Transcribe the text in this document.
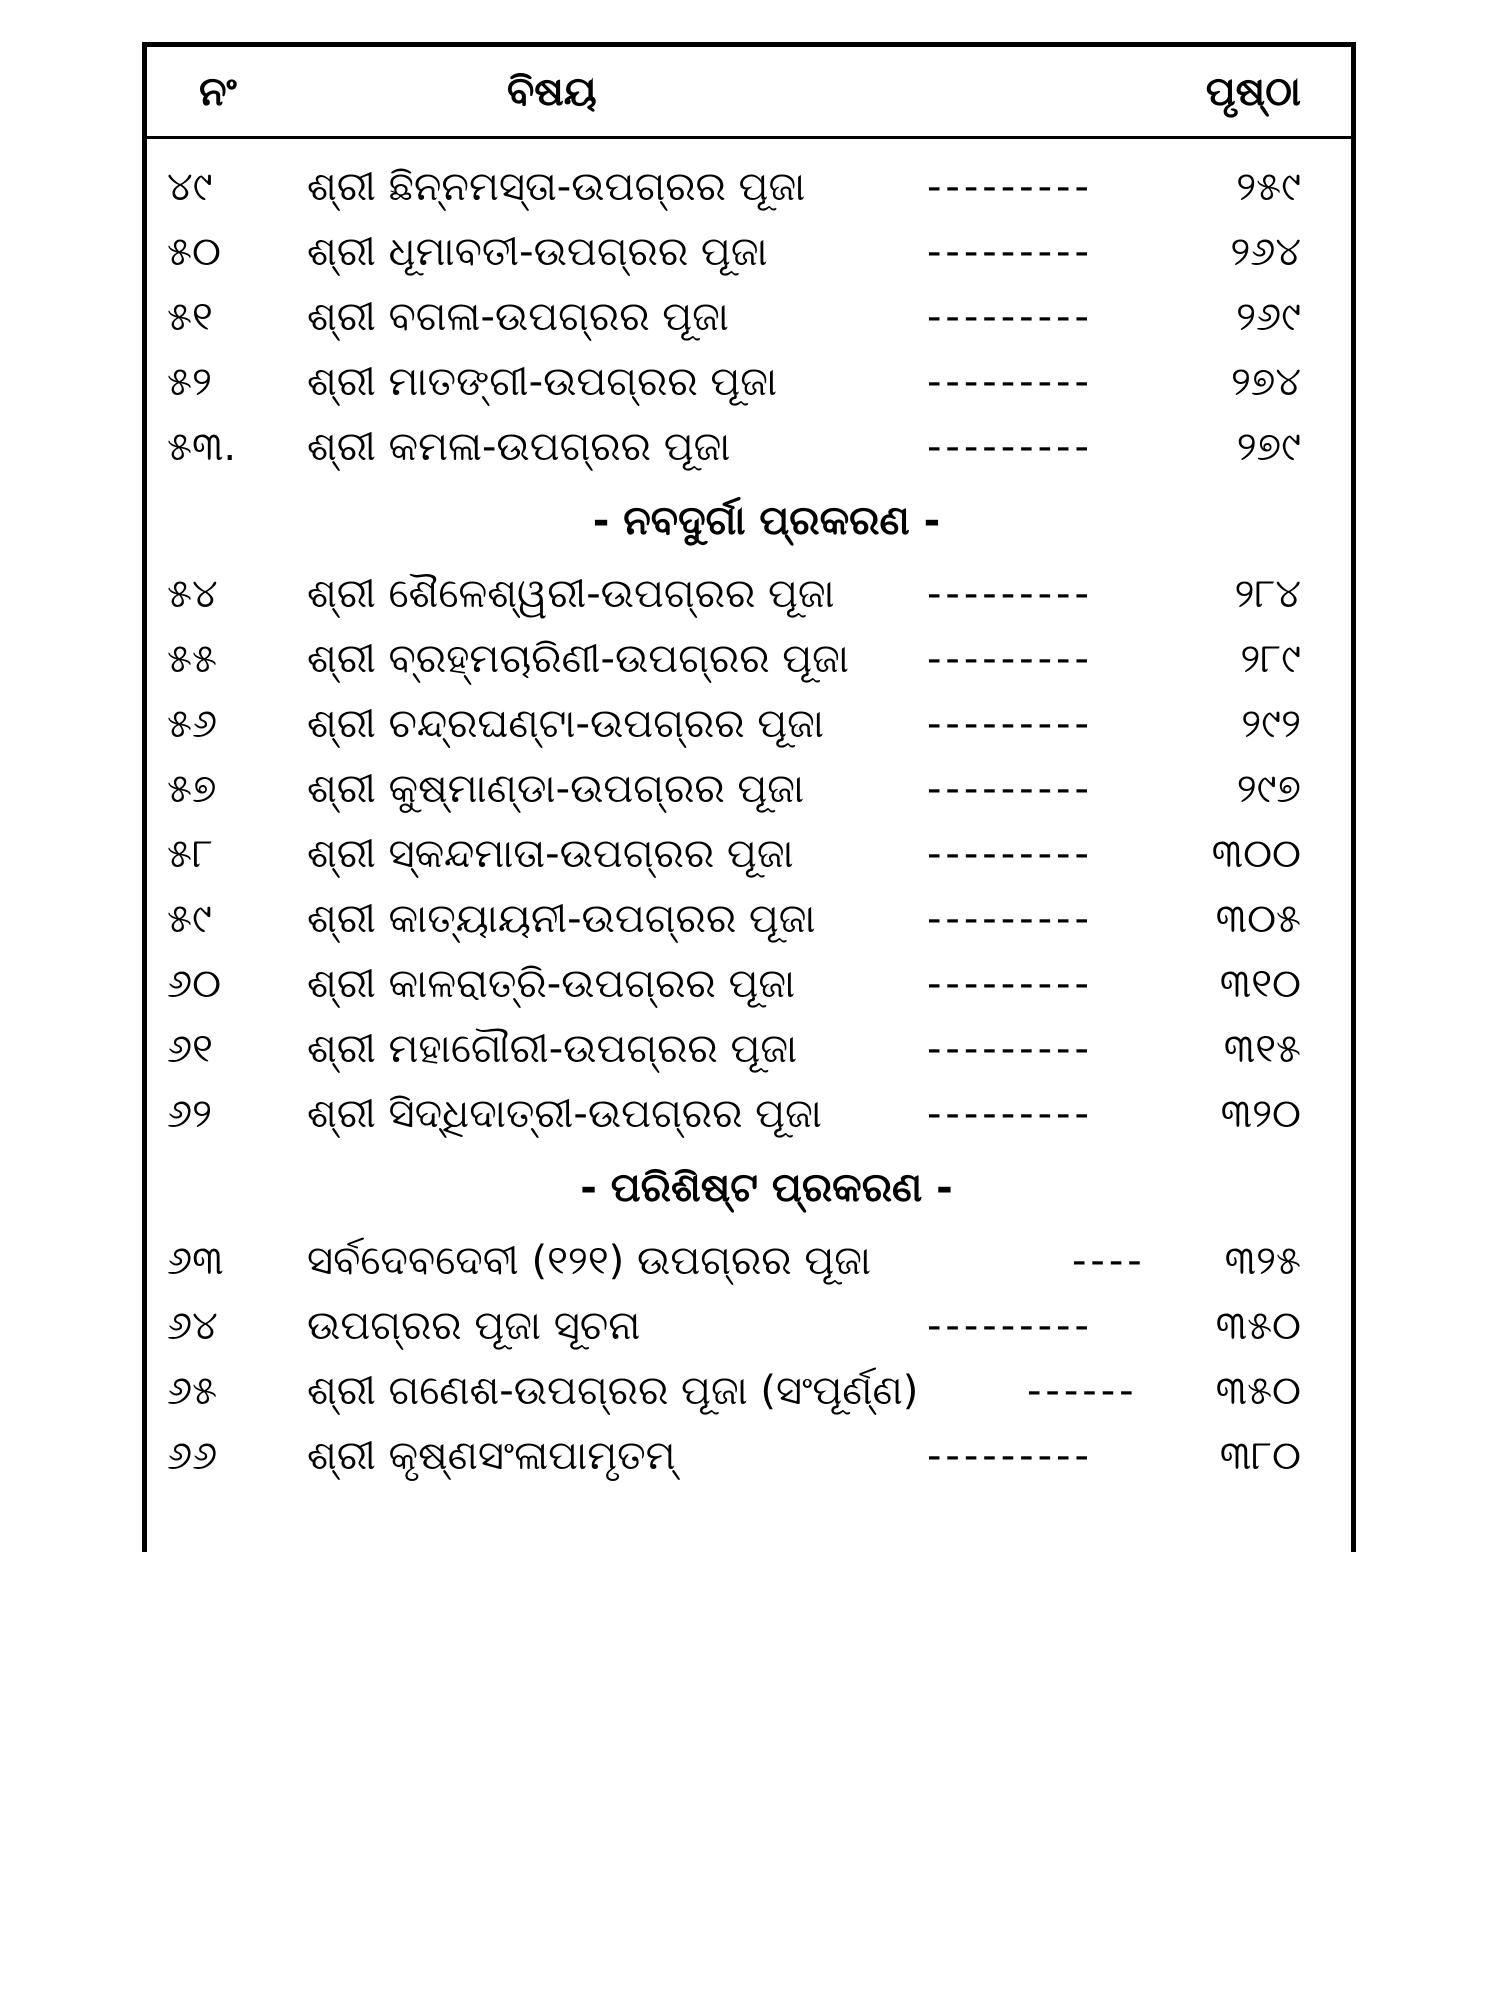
ନଂ	ବିଷୟ	ପୃଷ୍ଠା
୪୯ ଶ୍ରୀ ଛିନ୍ନମସ୍ତା-ଉପଗ୍ରର ପୂଜା	---------	୨୫୯
୫୦ ଶ୍ରୀ ଧୂମାବତୀ-ଉପଗ୍ରର ପୂଜା	---------	୨୬୪
୫୧ ଶ୍ରୀ ବଗଳା-ଉପଗ୍ରର ପୂଜା	---------	୨୬୯
୫୨ ଶ୍ରୀ ମାତଙ୍ଗୀ-ଉପଗ୍ରର ପୂଜା	---------	୨୭୪
୫୩. ଶ୍ରୀ କମଳା-ଉପଗ୍ରର ପୂଜା	---------	୨୭୯
- ନବଦୁର୍ଗା ପ୍ରକରଣ -
୫୪ ଶ୍ରୀ ଶୈଳେଶ୍ୱରୀ-ଉପଗ୍ରର ପୂଜା ---------	୨୮୪
୫୫ ଶ୍ରୀ ବ୍ରହ୍ମଚାରିଣୀ-ଉପଗ୍ରର ପୂଜା ---------	୨୮୯
୫୬ ଶ୍ରୀ ଚନ୍ଦ୍ରଘଣ୍ଟା-ଉପଗ୍ରର ପୂଜା	---------	୨୯୨
୫୭ ଶ୍ରୀ କୁଷ୍ମାଣ୍ଡା-ଉପଗ୍ରର ପୂଜା	---------	୨୯୭
୫୮ ଶ୍ରୀ ସ୍କନ୍ଦମାତା-ଉପଗ୍ରର ପୂଜା	---------	୩୦୦
୫୯ ଶ୍ରୀ କାତ୍ୟାୟନୀ-ଉପଗ୍ରର ପୂଜା	---------	୩୦୫
୬୦ ଶ୍ରୀ କାଳରାତ୍ରି-ଉପଗ୍ରର ପୂଜା	---------	୩୧୦
୬୧ ଶ୍ରୀ ମହାଗୌରୀ-ଉପଗ୍ରର ପୂଜା	---------	୩୧୫
୬୨ ଶ୍ରୀ ସିଦ୍ଧିଦାତ୍ରୀ-ଉପଗ୍ରର ପୂଜା	---------	୩୨୦
- ପରିଶିଷ୍ଟ ପ୍ରକରଣ -
୬୩ ସର୍ବଦେବଦେବୀ (୧୨୧) ଉପଗ୍ରର ପୂଜା	---- ୩୨୫
୬୪ ଉପଗ୍ରର ପୂଜା ସୂଚନା	---------	୩୫୦
୬୫ ଶ୍ରୀ ଗଣେଶ-ଉପଗ୍ରର ପୂଜା (ସଂପୂର୍ଣ୍ଣ)	------ ୩୫୦
୬୬ ଶ୍ରୀ କୃଷ୍ଣସଂଳାପାମୃତମ୍	---------	୩୮୦
